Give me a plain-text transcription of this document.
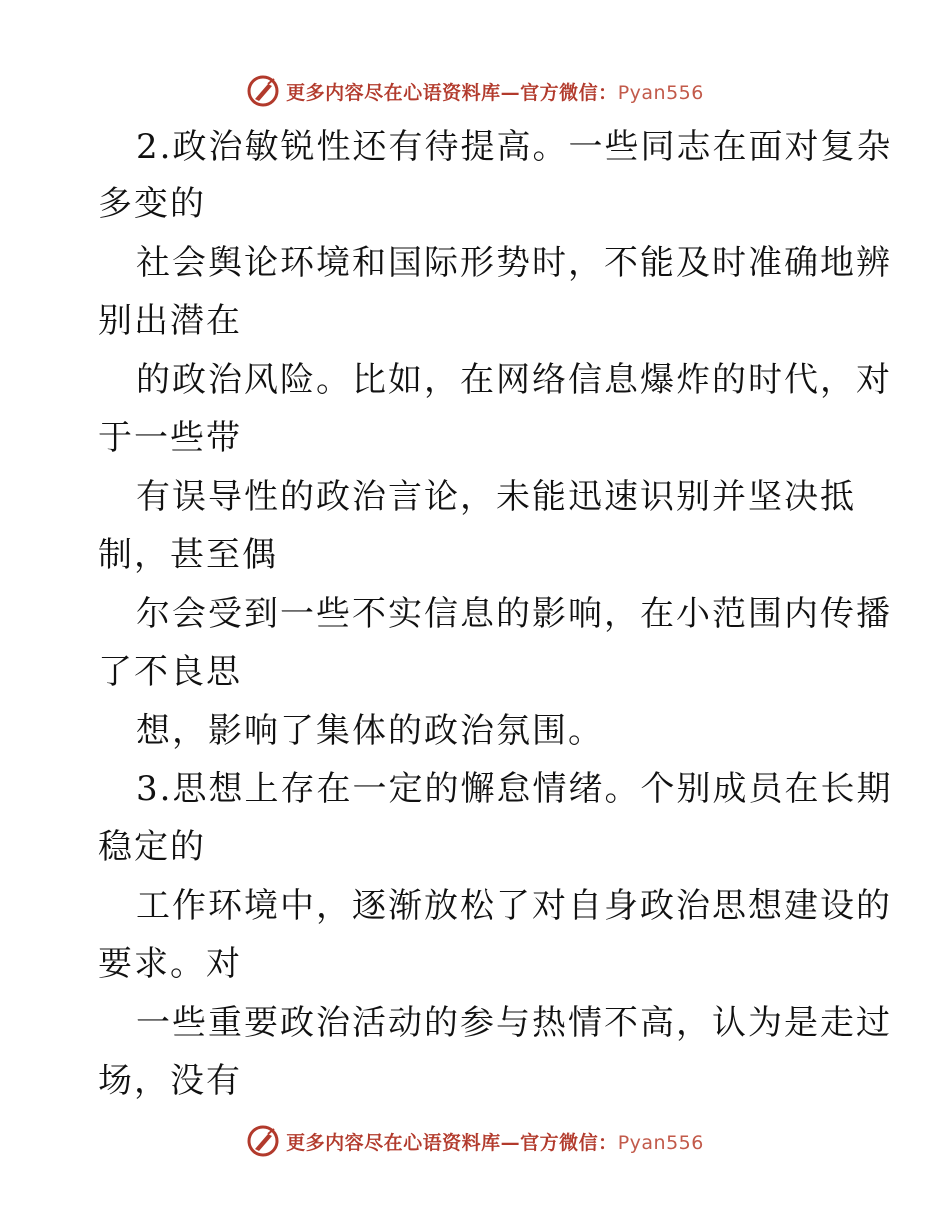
更多内容尽在心语资料库—官方微信：Pyan556
2.政治敏锐性还有待提高。一些同志在面对复杂
多变的
社会舆论环境和国际形势时，不能及时准确地辨
别出潜在
的政治风险。比如，在网络信息爆炸的时代，对
于一些带
有误导性的政治言论，未能迅速识别并坚决抵
制，甚至偶
尔会受到一些不实信息的影响，在小范围内传播
了不良思
想，影响了集体的政治氛围。
3.思想上存在一定的懈怠情绪。个别成员在长期
稳定的
工作环境中，逐渐放松了对自身政治思想建设的
要求。对
一些重要政治活动的参与热情不高，认为是走过
场，没有
更多内容尽在心语资料库—官方微信：Pyan556
